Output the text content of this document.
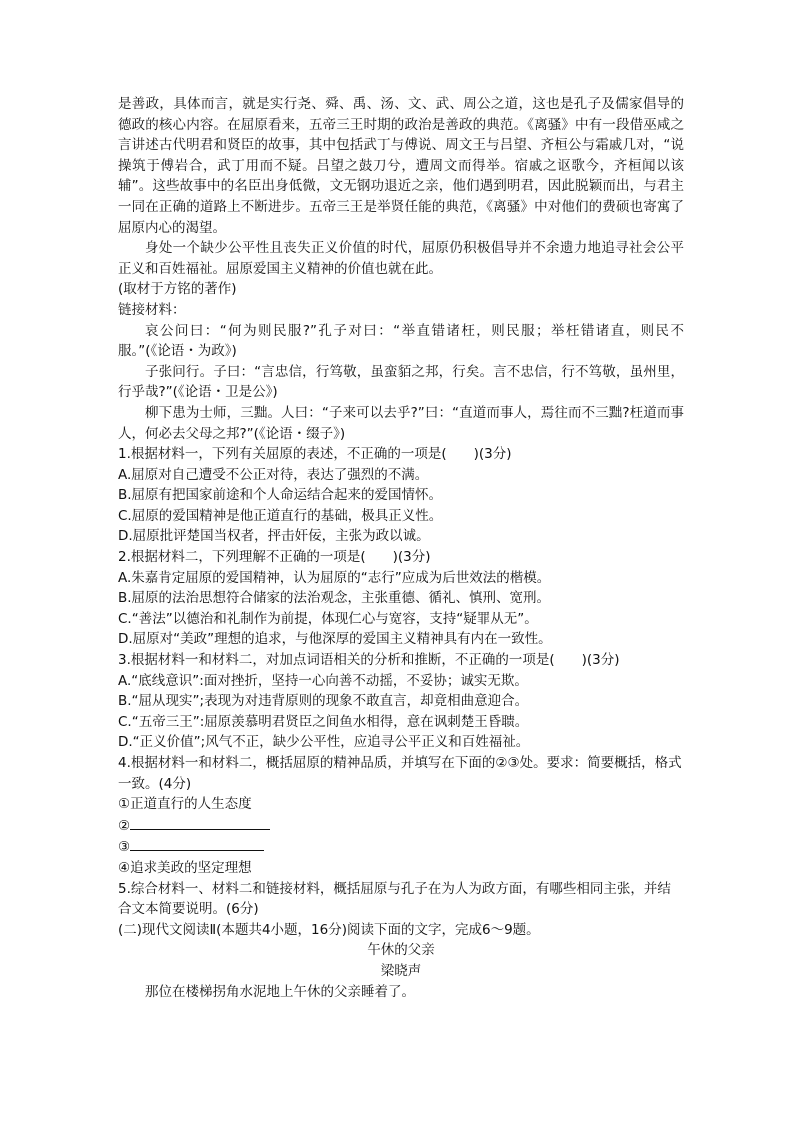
是善政，具体而言，就是实行尧、舜、禹、汤、文、武、周公之道，这也是孔子及儒家倡导的德政的核心内容。在屈原看来，五帝三王时期的政治是善政的典范。《离骚》中有一段借巫咸之言讲述古代明君和贤臣的故事，其中包括武丁与傅说、周文王与吕望、齐桓公与霜戚几对，“说操筑于傅岩合，武丁用而不疑。吕望之鼓刀兮，遭周文而得举。宿戚之讴歌今，齐桓闻以该辅”。这些故事中的名臣出身低微，文无钢功退近之亲，他们遇到明君，因此脱颖而出，与君主一同在正确的道路上不断进步。五帝三王是举贤任能的典范，《离骚》中对他们的费硕也寄寓了屈原内心的渴望。

身处一个缺少公平性且丧失正义价值的时代，屈原仍积极倡导并不余遗力地追寻社会公平正义和百姓福祉。屈原爱国主义精神的价值也就在此。

(取材于方铭的著作)

链接材料：

哀公问曰：“何为则民服?”孔子对曰：“举直错诸枉，则民服；举枉错诸直，则民不服。”(《论语・为政》)

子张问行。子曰：“言忠信，行笃敬，虽蛮貊之邦，行矣。言不忠信，行不笃敬，虽州里，行乎哉?”(《论语・卫是公》)

柳下患为士师，三黜。人曰：“子来可以去乎?”曰：“直道而事人，焉往而不三黜?枉道而事人，何必去父母之邦?”(《论语・缀子》)

1.根据材料一，下列有关屈原的表述，不正确的一项是(　　)(3分)

A.屈原对自己遭受不公正对待，表达了强烈的不满。

B.屈原有把国家前途和个人命运结合起来的爱国情怀。

C.屈原的爱国精神是他正道直行的基础，极具正义性。

D.屈原批评楚国当权者，抨击奸佞，主张为政以诚。

2.根据材料二，下列理解不正确的一项是(　　)(3分)

A.朱嘉肯定屈原的爱国精神，认为屈原的“志行”应成为后世效法的楷模。

B.屈原的法治思想符合储家的法治观念，主张重德、循礼、慎刑、宽刑。

C.“善法”以德治和礼制作为前提，体现仁心与宽容，支持“疑罪从无”。

D.屈原对“美政”理想的追求，与他深厚的爱国主义精神具有内在一致性。

3.根据材料一和材料二，对加点词语相关的分析和推断，不正确的一项是(　　)(3分)

A.“底线意识”:面对挫折，坚持一心向善不动摇，不妥协；诚实无欺。

B.“屈从现实”;表现为对违背原则的现象不敢直言，却竟相曲意迎合。

C.“五帝三王”:屈原羡慕明君贤臣之间鱼水相得，意在讽刺楚王昏聩。

D.“正义价值”;风气不正，缺少公平性，应追寻公平正义和百姓福祉。

4.根据材料一和材料二，概括屈原的精神品质，并填写在下面的②③处。要求：简要概括，格式一致。(4分)

①正道直行的人生态度

②

③

④追求美政的坚定理想

5.综合材料一、材料二和链接材料，概括屈原与孔子在为人为政方面，有哪些相同主张，并结合文本简要说明。(6分)

(二)现代文阅读Ⅱ(本题共4小题，16分)阅读下面的文字，完成6～9题。

午休的父亲

梁晓声

那位在楼梯拐角水泥地上午休的父亲睡着了。
